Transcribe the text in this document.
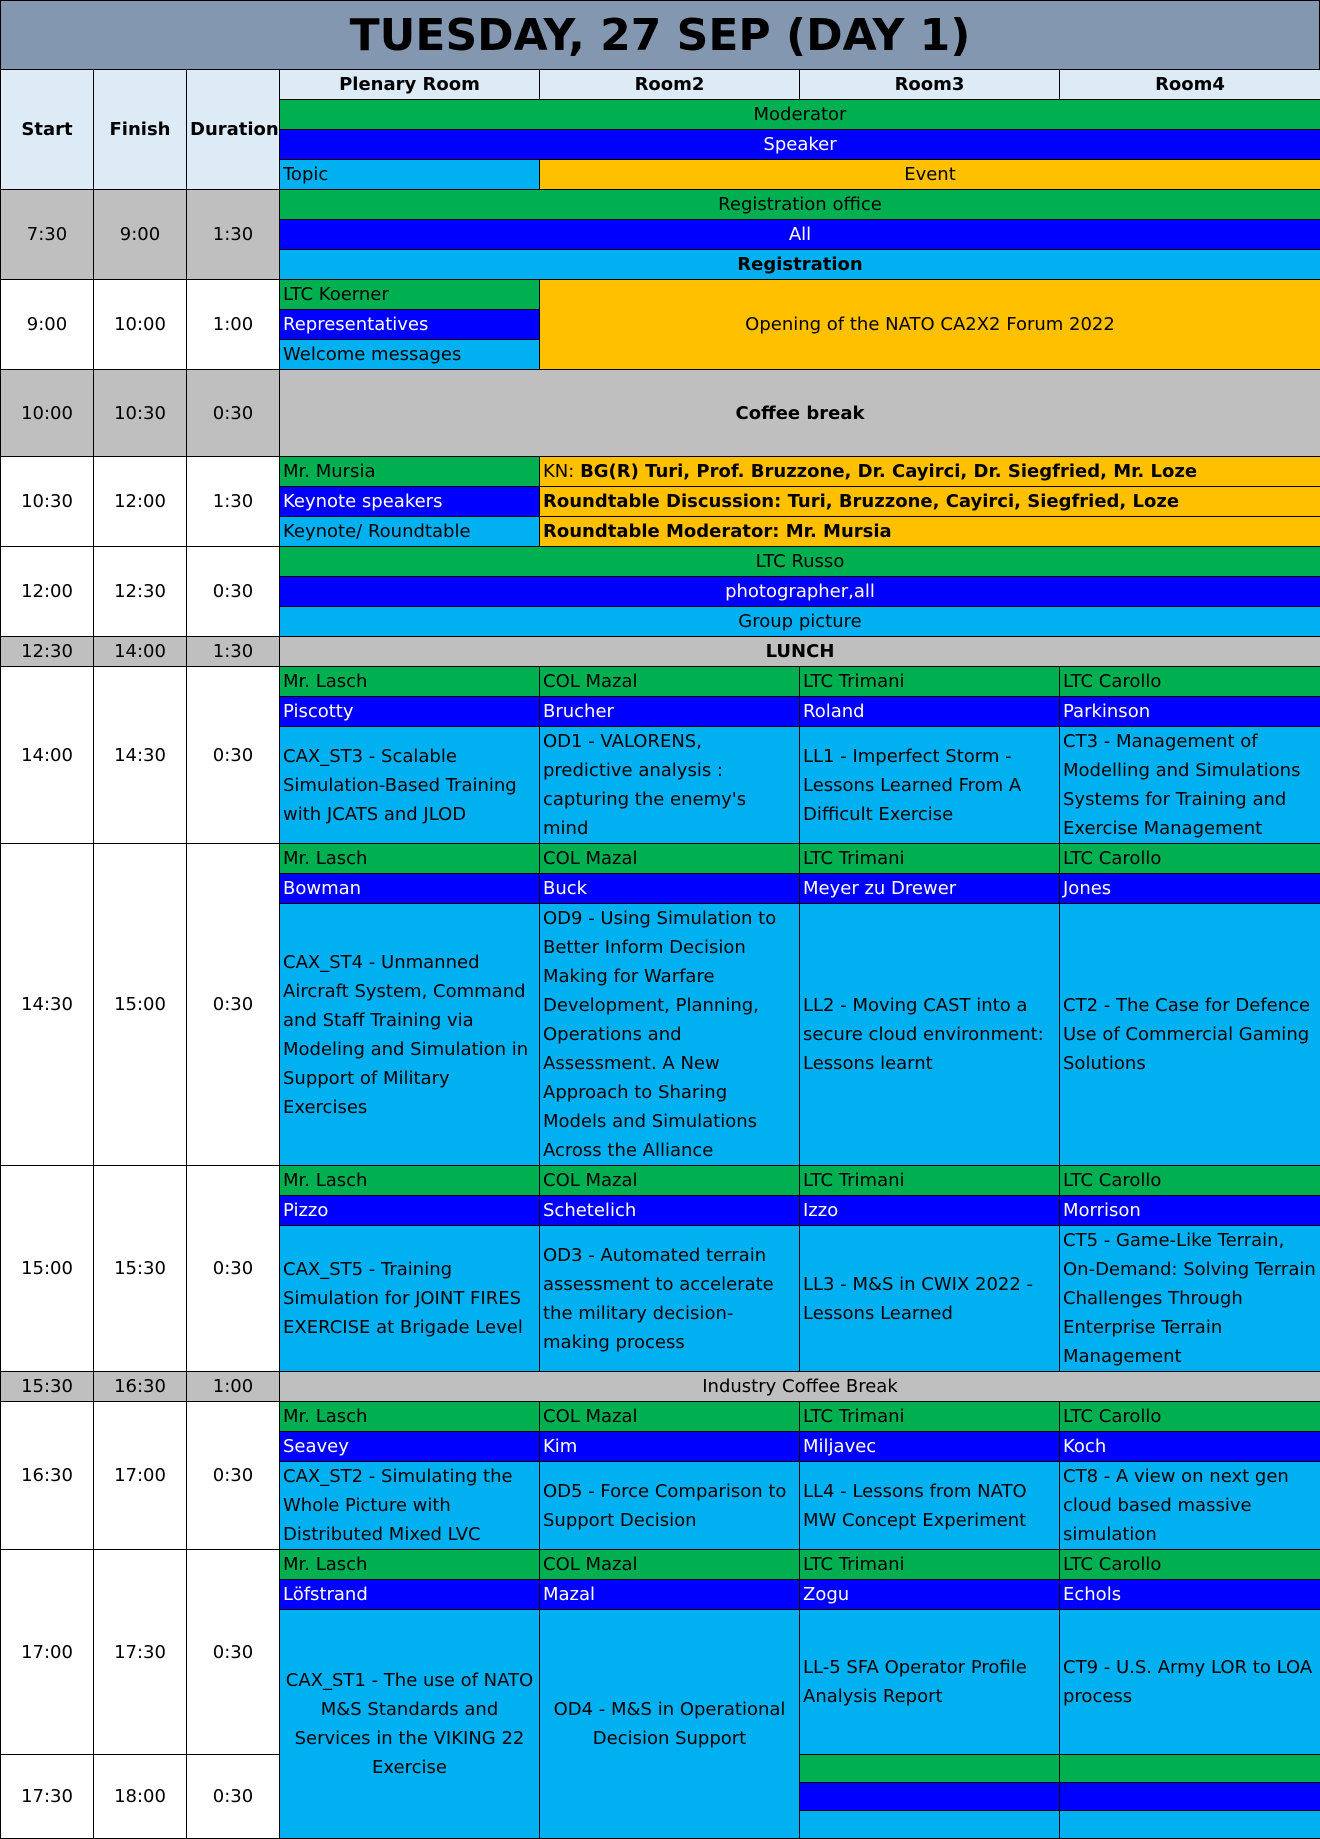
TUESDAY, 27 SEP (DAY 1)
Start	Finish	Duration	Plenary Room	Room2	Room3	Room4
			Moderator			
			Speaker			
			Topic	Event		
7:30	9:00	1:30	Registration office			
			All			
			Registration			
9:00	10:00	1:00	LTC Koerner	Opening of the NATO CA2X2 Forum 2022		
			Representatives			
			Welcome messages			
10:00	10:30	0:30	Coffee break			
10:30	12:00	1:30	Mr. Mursia	KN: BG(R) Turi, Prof. Bruzzone, Dr. Cayirci, Dr. Siegfried, Mr. Loze		
			Keynote speakers	Roundtable Discussion: Turi, Bruzzone, Cayirci, Siegfried, Loze		
			Keynote/ Roundtable	Roundtable Moderator: Mr. Mursia		
12:00	12:30	0:30	LTC Russo			
			photographer,all			
			Group picture			
12:30	14:00	1:30	LUNCH			
14:00	14:30	0:30	Mr. Lasch	COL Mazal	LTC Trimani	LTC Carollo
			Piscotty	Brucher	Roland	Parkinson
			CAX_ST3 - Scalable Simulation-Based Training with JCATS and JLOD	OD1 - VALORENS, predictive analysis : capturing the enemy's mind	LL1 - Imperfect Storm - Lessons Learned From A Difficult Exercise	CT3 - Management of Modelling and Simulations Systems for Training and Exercise Management
14:30	15:00	0:30	Mr. Lasch	COL Mazal	LTC Trimani	LTC Carollo
			Bowman	Buck	Meyer zu Drewer	Jones
			CAX_ST4 - Unmanned Aircraft System, Command and Staff Training via Modeling and Simulation in Support of Military Exercises	OD9 - Using Simulation to Better Inform Decision Making for Warfare Development, Planning, Operations and Assessment. A New Approach to Sharing Models and Simulations Across the Alliance	LL2 - Moving CAST into a secure cloud environment: Lessons learnt	CT2 - The Case for Defence Use of Commercial Gaming Solutions
15:00	15:30	0:30	Mr. Lasch	COL Mazal	LTC Trimani	LTC Carollo
			Pizzo	Schetelich	Izzo	Morrison
			CAX_ST5 - Training Simulation for JOINT FIRES EXERCISE at Brigade Level	OD3 - Automated terrain assessment to accelerate the military decision-making process	LL3 - M&S in CWIX 2022 - Lessons Learned	CT5 - Game-Like Terrain, On-Demand: Solving Terrain Challenges Through Enterprise Terrain Management
15:30	16:30	1:00	Industry Coffee Break			
16:30	17:00	0:30	Mr. Lasch	COL Mazal	LTC Trimani	LTC Carollo
			Seavey	Kim	Miljavec	Koch
			CAX_ST2 - Simulating the Whole Picture with Distributed Mixed LVC	OD5 - Force Comparison to Support Decision	LL4 - Lessons from NATO MW Concept Experiment	CT8 - A view on next gen cloud based massive simulation
17:00	17:30	0:30	Mr. Lasch	COL Mazal	LTC Trimani	LTC Carollo
			Löfstrand	Mazal	Zogu	Echols
			CAX_ST1 - The use of NATO M&S Standards and Services in the VIKING 22 Exercise	OD4 - M&S in Operational Decision Support	LL-5 SFA Operator Profile Analysis Report	CT9 - U.S. Army LOR to LOA process
17:30	18:00	0:30				
